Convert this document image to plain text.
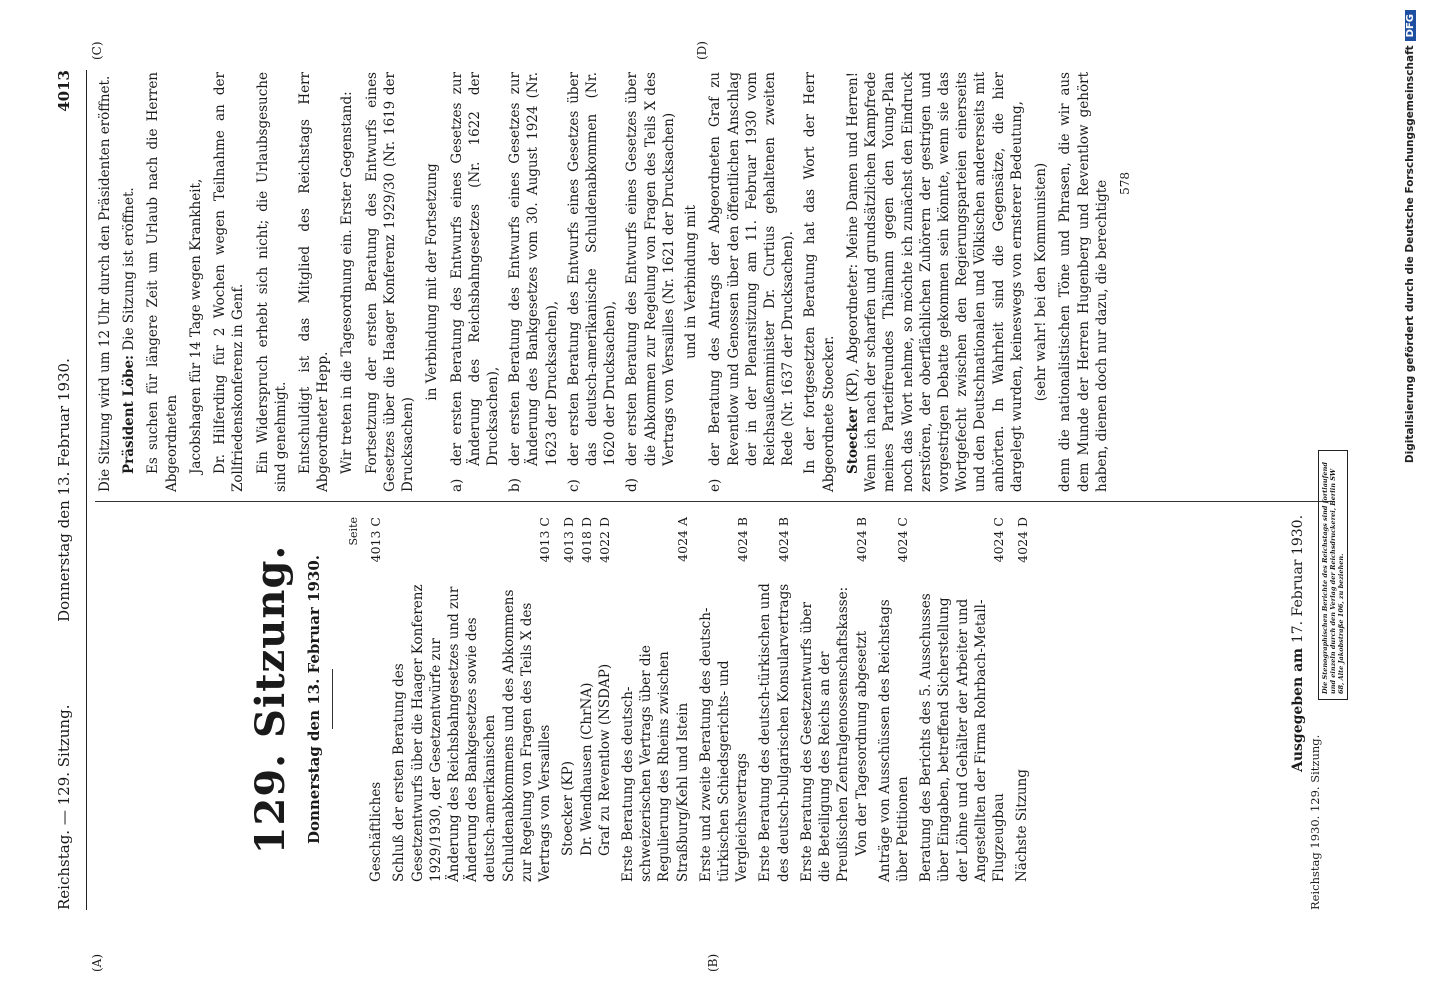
Reichstag. — 129. Sitzung.
Donnerstag den 13. Februar 1930.
4013
(A)	(B)
(C)	(D)
129. Sitzung. Donnerstag den 13. Februar 1930.
Seite
Geschäftliches
4013 C
Schluß der ersten Beratung des Gesetzentwurfs über die Haager Konferenz 1929/1930, der Gesetzentwürfe zur Änderung des Reichsbahngesetzes und zur Änderung des Bankgesetzes sowie des deutsch-amerikanischen Schuldenabkommens und des Abkommens zur Regelung von Fragen des Teils X des Vertrags von Versailles
4013 C
Stoecker (KP)
4013 D
Dr. Wendhausen (ChrNA)
4018 D
Graf zu Reventlow (NSDAP)
4022 D
Erste Beratung des deutsch-schweizerischen Vertrags über die Regulierung des Rheins zwischen Straßburg/Kehl und Istein
4024 A
Erste und zweite Beratung des deutsch-türkischen Schiedsgerichts- und Vergleichsvertrags
4024 B
Erste Beratung des deutsch-türkischen und des deutsch-bulgarischen Konsularvertrags
4024 B
Erste Beratung des Gesetzentwurfs über die Beteiligung des Reichs an der Preußischen Zentralgenossenschaftskasse: Von der Tagesordnung abgesetzt
4024 B
Anträge von Ausschüssen des Reichstags über Petitionen
4024 C
Beratung des Berichts des 5. Ausschusses über Eingaben, betreffend Sicherstellung der Löhne und Gehälter der Arbeiter und Angestellten der Firma Rohrbach-Metall-Flugzeugbau
4024 C
Nächste Sitzung
4024 D

Die Sitzung wird um 12 Uhr durch den Präsidenten eröffnet. Präsident Löbe: Die Sitzung ist eröffnet. Es suchen für längere Zeit um Urlaub nach die Herren Abgeordneten Jacobshagen für 14 Tage wegen Krankheit, Dr. Hilferding für 2 Wochen wegen Teilnahme an der Zollfriedenskonferenz in Genf. Ein Widerspruch erhebt sich nicht; die Urlaubsgesuche sind genehmigt. Entschuldigt ist das Mitglied des Reichstags Herr Abgeordneter Hepp. Wir treten in die Tagesordnung ein. Erster Gegenstand: Fortsetzung der ersten Beratung des Entwurfs eines Gesetzes über die Haager Konferenz 1929/30 (Nr. 1619 der Drucksachen)

in Verbindung mit der Fortsetzung

a)
der ersten Beratung des Entwurfs eines Gesetzes zur Änderung des Reichsbahngesetzes (Nr. 1622 der Drucksachen),
b)
der ersten Beratung des Entwurfs eines Gesetzes zur Änderung des Bankgesetzes vom 30. August 1924 (Nr. 1623 der Drucksachen),
c)
der ersten Beratung des Entwurfs eines Gesetzes über das deutsch-amerikanische Schuldenabkommen (Nr. 1620 der Drucksachen),
d)
der ersten Beratung des Entwurfs eines Gesetzes über die Abkommen zur Regelung von Fragen des Teils X des Vertrags von Versailles (Nr. 1621 der Drucksachen) und in Verbindung mit

e)
der Beratung des Antrags der Abgeordneten Graf zu Reventlow und Genossen über den öffentlichen Anschlag der in der Plenarsitzung am 11. Februar 1930 vom Reichsaußenminister Dr. Curtius gehaltenen zweiten Rede (Nr. 1637 der Drucksachen). In der fortgesetzten Beratung hat das Wort der Herr Abgeordnete Stoecker. Stoecker (KP), Abgeordneter: Meine Damen und Herren! Wenn ich nach der scharfen und grundsätzlichen Kampfrede meines Parteifreundes Thälmann gegen den Young-Plan noch das Wort nehme, so möchte ich zunächst den Eindruck zerstören, der oberflächlichen Zuhörern der gestrigen und vorgestrigen Debatte gekommen sein könnte, wenn sie das Wortgefecht zwischen den Regierungsparteien einerseits und den Deutschnationalen und Völkischen andererseits mit anhörten. In Wahrheit sind die Gegensätze, die hier dargelegt wurden, keineswegs von ernsterer Bedeutung, (sehr wahr! bei den Kommunisten) denn die nationalistischen Töne und Phrasen, die wir aus dem Munde der Herren Hugenberg und Reventlow gehört haben, dienen doch nur dazu, die berechtigte 578
Ausgegeben am 17. Februar 1930.
Reichstag 1930. 129. Sitzung.
Die Stenographischen Berichte des Reichstags sind fortlaufend und einzeln durch den Verlag der Reichsdruckerei, Berlin SW 68, Alte Jakobstraße 106, zu beziehen.
Digitalisierung gefördert durch die Deutsche ForschungsgemeinschaftDFG
